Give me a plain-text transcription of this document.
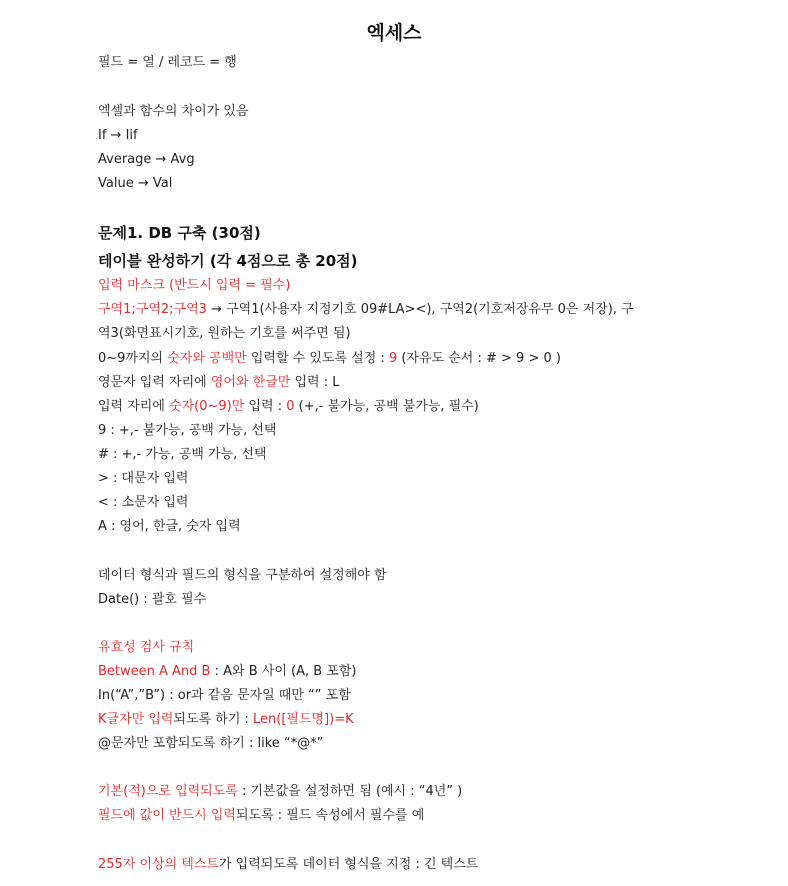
엑세스
필드 = 열 / 레코드 = 행
엑셀과 함수의 차이가 있음
If → Iif
Average → Avg
Value → Val
문제1. DB 구축 (30점)
테이블 완성하기 (각 4점으로 총 20점)
입력 마스크 (반드시 입력 = 필수)
구역1;구역2;구역3 → 구역1(사용자 지정기호 09#LA><), 구역2(기호저장유무 0은 저장), 구
역3(화면표시기호, 원하는 기호를 써주면 됨)
0~9까지의 숫자와 공백만 입력할 수 있도록 설정 : 9 (자유도 순서 : # > 9 > 0 )
영문자 입력 자리에 영어와 한글만 입력 : L
입력 자리에 숫자(0~9)만 입력 : 0 (+,- 불가능, 공백 불가능, 필수)
9 : +,- 불가능, 공백 가능, 선택
# : +,- 가능, 공백 가능, 선택
> : 대문자 입력
< : 소문자 입력
A : 영어, 한글, 숫자 입력
데이터 형식과 필드의 형식을 구분하여 설정해야 함
Date() : 괄호 필수
유효성 검사 규칙
Between A And B : A와 B 사이 (A, B 포함)
In(“A”,”B”) : or과 같음 문자일 때만 “” 포함
K글자만 입력되도록 하기 : Len([필드명])=K
@문자만 포함되도록 하기 : like “*@*”
기본(적)으로 입력되도록 : 기본값을 설정하면 됨 (예시 : “4년” )
필드에 값이 반드시 입력되도록 : 필드 속성에서 필수를 예
255자 이상의 텍스트가 입력되도록 데이터 형식을 지정 : 긴 텍스트
